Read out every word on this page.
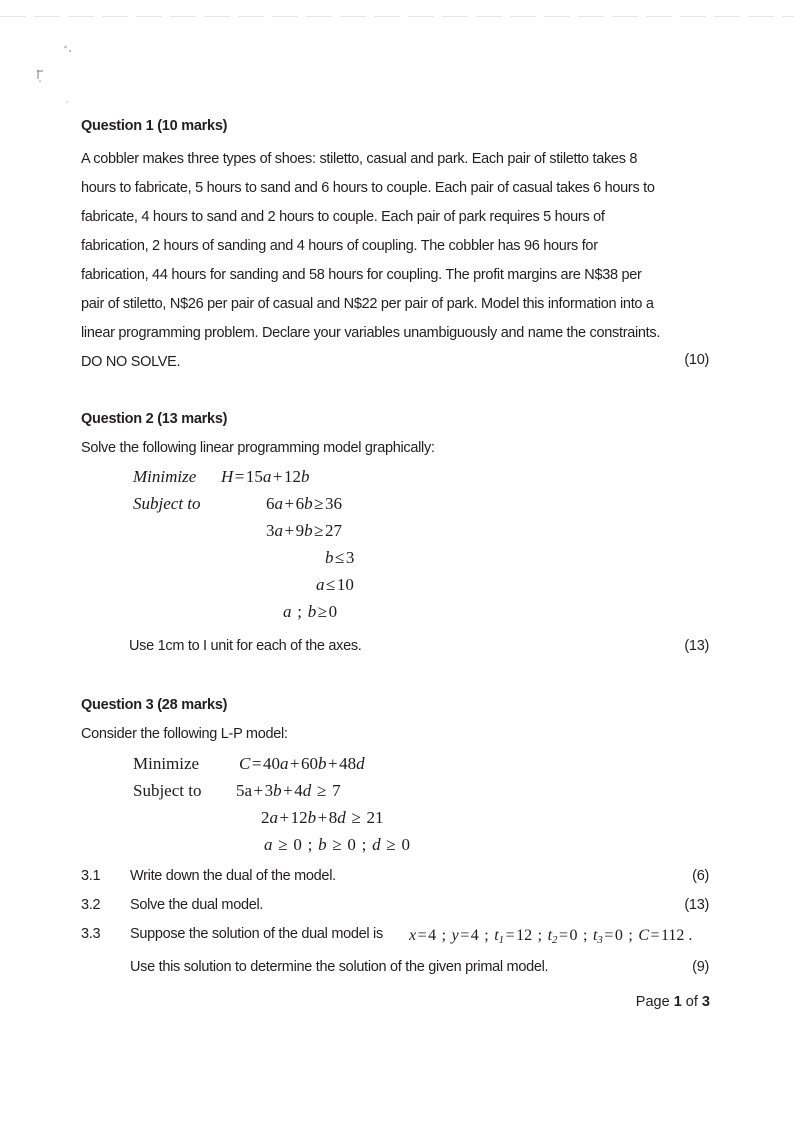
Question 1 (10 marks)
A cobbler makes three types of shoes: stiletto, casual and park. Each pair of stiletto takes 8
hours to fabricate, 5 hours to sand and 6 hours to couple. Each pair of casual takes 6 hours to
fabricate, 4 hours to sand and 2 hours to couple. Each pair of park requires 5 hours of
fabrication, 2 hours of sanding and 4 hours of coupling. The cobbler has 96 hours for
fabrication, 44 hours for sanding and 58 hours for coupling. The profit margins are N$38 per
pair of stiletto, N$26 per pair of casual and N$22 per pair of park. Model this information into a
linear programming problem. Declare your variables unambiguously and name the constraints.
DO NO SOLVE.	(10)
Question 2 (13 marks)
Solve the following linear programming model graphically:
Minimize H=15a+12b
Subject to	6a+6b≥36
3a+9b≥27
b≤3
a≤10
a ; b≥0
Use 1cm to I unit for each of the axes.	(13)
Question 3 (28 marks)
Consider the following L-P model:
Minimize C=40a+60b+48d
Subject to 5a+3b+4d ≥ 7
2a+12b+8d ≥ 21
a ≥ 0 ; b ≥ 0 ; d ≥ 0
3.1 Write down the dual of the model.	(6)
3.2 Solve the dual model.	(13)
3.3 Suppose the solution of the dual model is x=4 ; y=4 ; $t_1=12$ ; $t_2=0$ ; $t_3=0$ ; C=112 .
Use this solution to determine the solution of the given primal model.	(9)
Page 1 of 3
